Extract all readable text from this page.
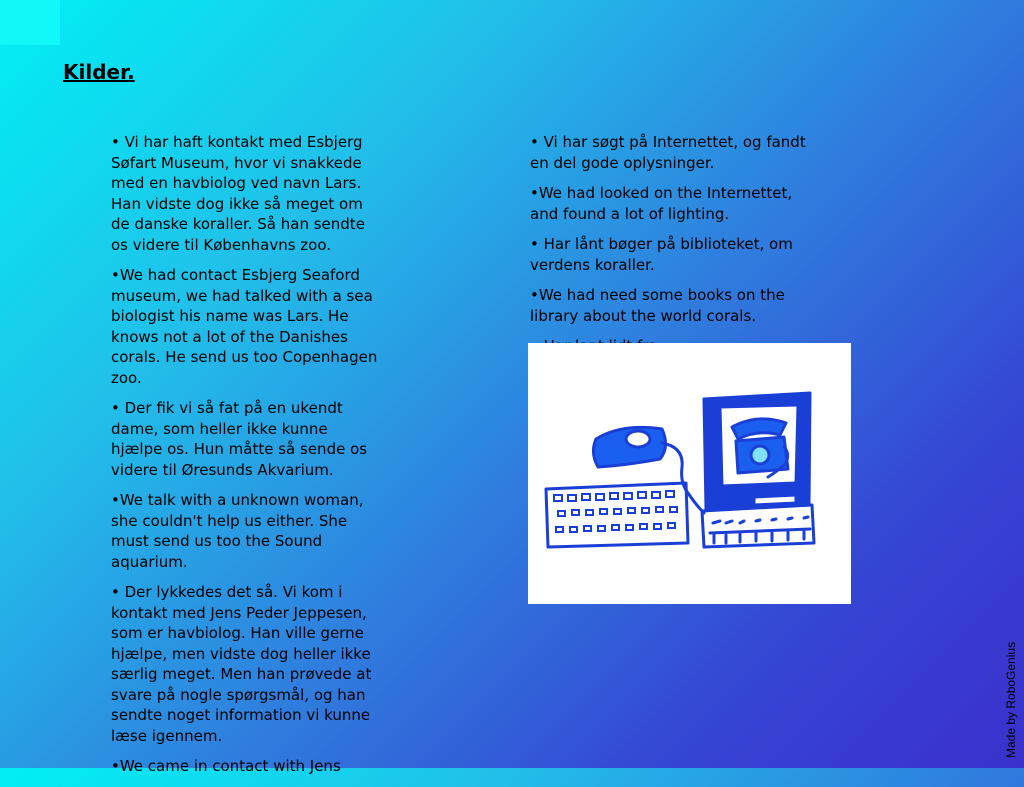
Kilder.

• Vi har haft kontakt med Esbjerg Søfart Museum, hvor vi snakkede med en havbiolog ved navn Lars. Han vidste dog ikke så meget om de danske koraller. Så han sendte os videre til Københavns zoo.

•We had contact Esbjerg Seaford museum, we had talked with a sea biologist his name was Lars. He knows not a lot of the Danishes corals. He send us too Copenhagen zoo.

• Der fik vi så fat på en ukendt dame, som heller ikke kunne hjælpe os. Hun måtte så sende os videre til Øresunds Akvarium.

•We talk with a unknown woman, she couldn't help us either. She must send us too the Sound aquarium.

• Der lykkedes det så. Vi kom i kontakt med Jens Peder Jeppesen, som er havbiolog. Han ville gerne hjælpe, men vidste dog heller ikke særlig meget. Men han prøvede at svare på nogle spørgsmål, og han sendte noget information vi kunne læse igennem.

•We came in contact with Jens

• Vi har søgt på Internettet, og fandt en del gode oplysninger.

•We had looked on the Internettet, and found a lot of lighting.

• Har lånt bøger på biblioteket, om verdens koraller.

•We had need some books on the library about the world corals.

Made by RoboGenius
